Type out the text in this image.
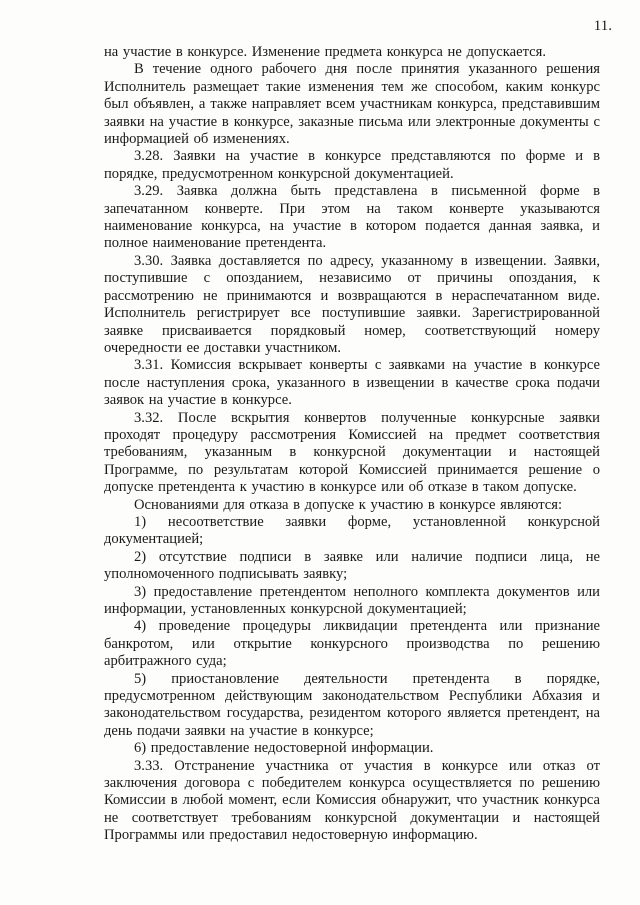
11.

на участие в конкурсе. Изменение предмета конкурса не допускается.

В течение одного рабочего дня после принятия указанного решения Исполнитель размещает такие изменения тем же способом, каким конкурс был объявлен, а также направляет всем участникам конкурса, представившим заявки на участие в конкурсе, заказные письма или электронные документы с информацией об изменениях.

3.28. Заявки на участие в конкурсе представляются по форме и в порядке, предусмотренном конкурсной документацией.

3.29. Заявка должна быть представлена в письменной форме в запечатанном конверте. При этом на таком конверте указываются наименование конкурса, на участие в котором подается данная заявка, и полное наименование претендента.

3.30. Заявка доставляется по адресу, указанному в извещении. Заявки, поступившие с опозданием, независимо от причины опоздания, к рассмотрению не принимаются и возвращаются в нераспечатанном виде. Исполнитель регистрирует все поступившие заявки. Зарегистрированной заявке присваивается порядковый номер, соответствующий номеру очередности ее доставки участником.

3.31. Комиссия вскрывает конверты с заявками на участие в конкурсе после наступления срока, указанного в извещении в качестве срока подачи заявок на участие в конкурсе.

3.32. После вскрытия конвертов полученные конкурсные заявки проходят процедуру рассмотрения Комиссией на предмет соответствия требованиям, указанным в конкурсной документации и настоящей Программе, по результатам которой Комиссией принимается решение о допуске претендента к участию в конкурсе или об отказе в таком допуске.

Основаниями для отказа в допуске к участию в конкурсе являются:

1) несоответствие заявки форме, установленной конкурсной документацией;

2) отсутствие подписи в заявке или наличие подписи лица, не уполномоченного подписывать заявку;

3) предоставление претендентом неполного комплекта документов или информации, установленных конкурсной документацией;

4) проведение процедуры ликвидации претендента или признание банкротом, или открытие конкурсного производства по решению арбитражного суда;

5) приостановление деятельности претендента в порядке, предусмотренном действующим законодательством Республики Абхазия и законодательством государства, резидентом которого является претендент, на день подачи заявки на участие в конкурсе;

6) предоставление недостоверной информации.

3.33. Отстранение участника от участия в конкурсе или отказ от заключения договора с победителем конкурса осуществляется по решению Комиссии в любой момент, если Комиссия обнаружит, что участник конкурса не соответствует требованиям конкурсной документации и настоящей Программы или предоставил недостоверную информацию.
